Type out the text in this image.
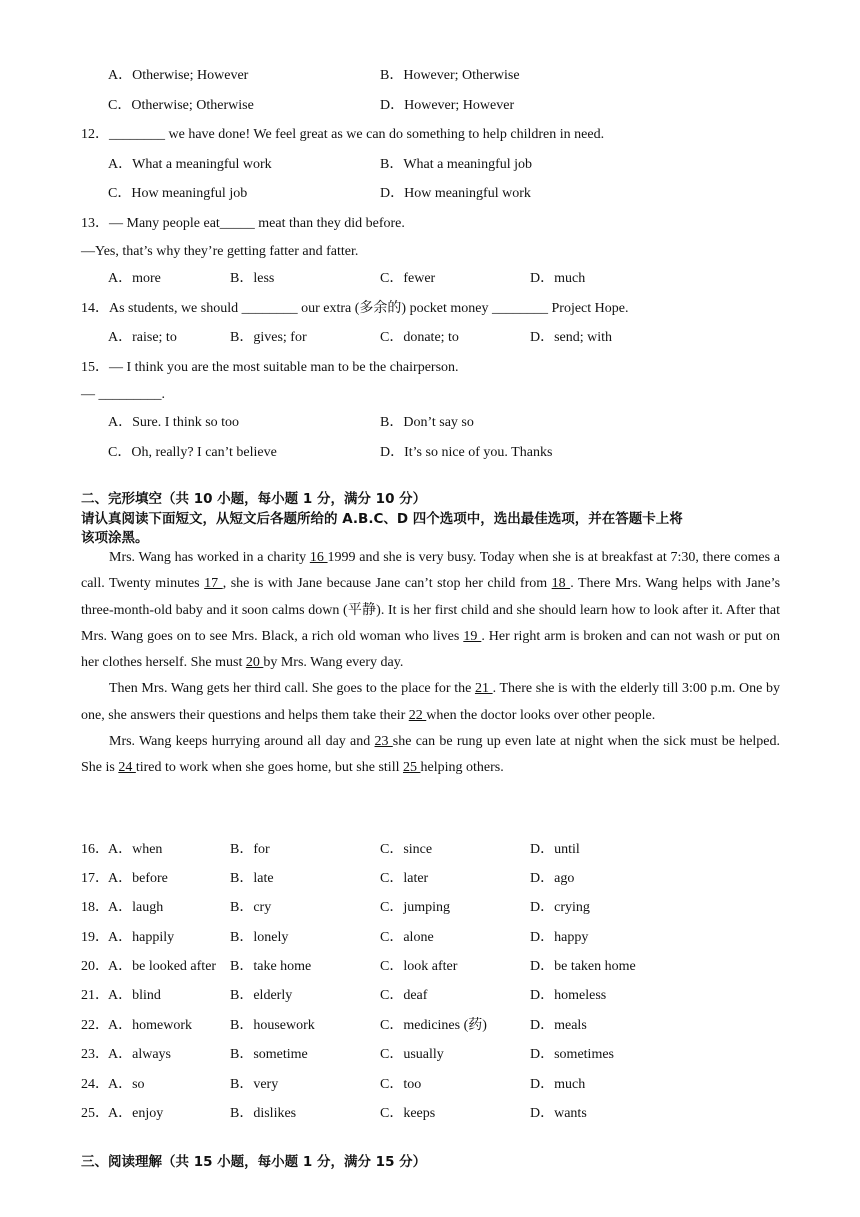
A．Otherwise; However	B．However; Otherwise
C．Otherwise; Otherwise	D．However; However
12．________ we have done! We feel great as we can do something to help children in need.
A．What a meaningful work	B．What a meaningful job
C．How meaningful job	D．How meaningful work
13．— Many people eat_____ meat than they did before.
—Yes, that’s why they’re getting fatter and fatter.
A．more	B．less	C．fewer	D．much
14．As students, we should ________ our extra (多余的) pocket money ________ Project Hope.
A．raise; to	B．gives; for	C．donate; to	D．send; with
15．— I think you are the most suitable man to be the chairperson.
— _________.
A．Sure. I think so too	B．Don’t say so
C．Oh, really? I can’t believe	D．It’s so nice of you. Thanks
二、完形填空（共 10 小题，每小题 1 分，满分 10 分）
请认真阅读下面短文，从短文后各题所给的 A.B.C、D 四个选项中，选出最佳选项，并在答题卡上将
该项涂黑。

Mrs. Wang has worked in a charity 16 1999 and she is very busy. Today when she is at breakfast at 7:30, there comes a call. Twenty minutes 17 , she is with Jane because Jane can’t stop her child from 18 . There Mrs. Wang helps with Jane’s three-month-old baby and it soon calms down (平静). It is her first child and she should learn how to look after it. After that Mrs. Wang goes on to see Mrs. Black, a rich old woman who lives 19 . Her right arm is broken and can not wash or put on her clothes herself. She must 20 by Mrs. Wang every day.

Then Mrs. Wang gets her third call. She goes to the place for the 21 . There she is with the elderly till 3:00 p.m. One by one, she answers their questions and helps them take their 22 when the doctor looks over other people.

Mrs. Wang keeps hurrying around all day and 23 she can be rung up even late at night when the sick must be helped. She is 24 tired to work when she goes home, but she still 25 helping others.

16． A．when	B．for	C．since	D．until
17． A．before	B．late	C．later	D．ago
18． A．laugh	B．cry	C．jumping	D．crying
19． A．happily	B．lonely	C．alone	D．happy
20． A．be looked after B．take home	C．look after	D．be taken home
21． A．blind	B．elderly	C．deaf	D．homeless
22． A．homework	B．housework	C．medicines (药)	D．meals
23． A．always	B．sometime	C．usually	D．sometimes
24． A．so	B．very	C．too	D．much
25． A．enjoy	B．dislikes	C．keeps	D．wants
三、阅读理解（共 15 小题，每小题 1 分，满分 15 分）
